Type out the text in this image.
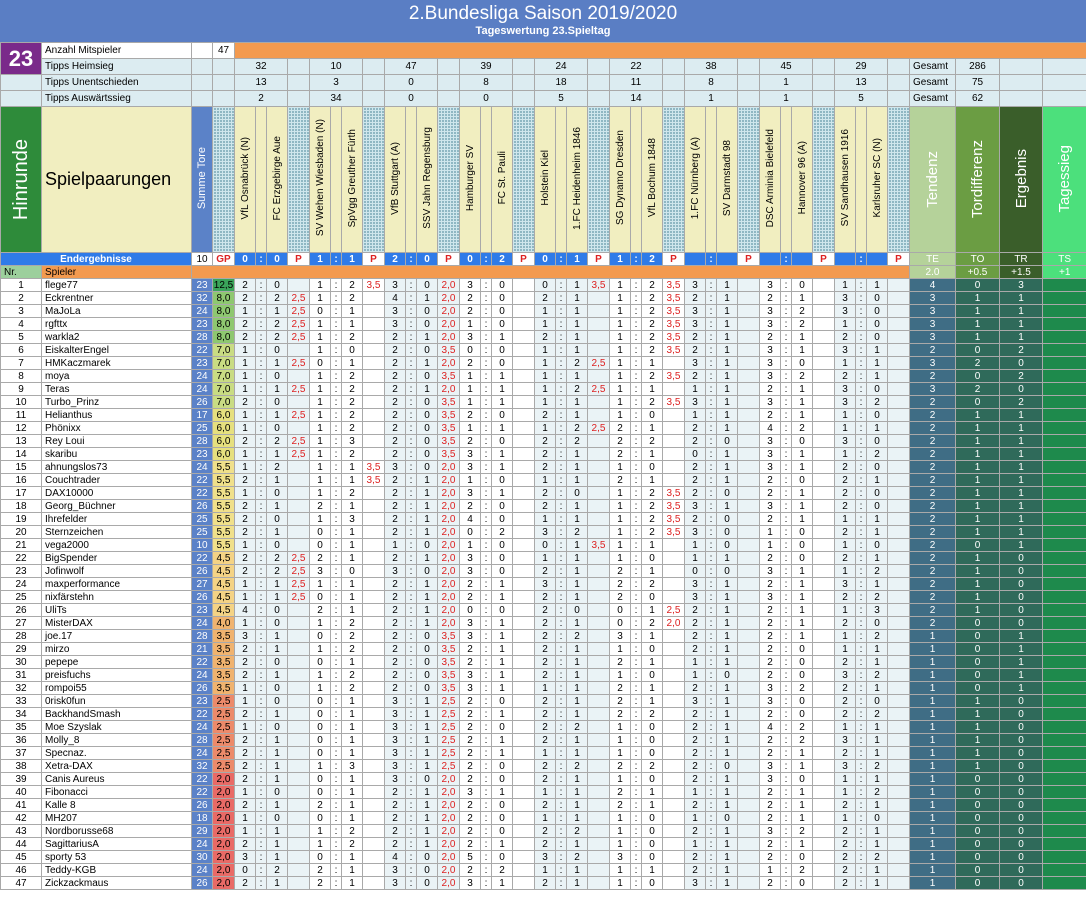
2.Bundesliga Saison 2019/2020
Tageswertung 23.Spieltag
23	Anzahl Mitspieler		47																																								
	Tipps Heimsieg			32				10				47				39				24				22				38				45				29				Gesamt	286		
	Tipps Unentschieden			13				3				0				8				18				11				8				1				13				Gesamt	75		
	Tipps Auswärtssieg			2				34				0				0				5				14				1				1				5				Gesamt	62		
Hinrunde	Spielpaarungen	Summe Tore		VfL Osnabrück (N)		FC Erzgebirge Aue		SV Wehen Wiesbaden (N)		SpVgg Greuther Fürth		VfB Stuttgart (A)		SSV Jahn Regensburg		Hamburger SV		FC St. Pauli		Holstein Kiel		1.FC Heidenheim 1846		SG Dynamo Dresden		VfL Bochum 1848		1.FC Nürnberg (A)		SV Darmstadt 98		DSC Arminia Bielefeld		Hannover 96 (A)		SV Sandhausen 1916		Karlsruher SC (N)		Tendenz	Tordifferenz	Ergebnis	Tagessieg
Endergebnisse		10	GP	0	:	0	P	1	:	1	P	2	:	0	P	0	:	2	P	0	:	1	P	1	:	2	P		:		P		:		P		:		P	TE	TO	TR	TS
Nr.	Spieler																																							2.0	+0.5	+1.5	+1
1	flege77	23	12,5	2	:	0		1	:	2	3,5	3	:	0	2,0	3	:	0		0	:	1	3,5	1	:	2	3,5	3	:	1		3	:	0		1	:	1		4	0	3	
2	Eckrentner	32	8,0	2	:	2	2,5	1	:	2		4	:	1	2,0	2	:	0		2	:	1		1	:	2	3,5	2	:	1		2	:	1		3	:	0		3	1	1	
3	MaJoLa	24	8,0	1	:	1	2,5	0	:	1		3	:	0	2,0	2	:	0		1	:	1		1	:	2	3,5	3	:	1		3	:	2		3	:	0		3	1	1	
4	rgfttx	23	8,0	2	:	2	2,5	1	:	1		3	:	0	2,0	1	:	0		1	:	1		1	:	2	3,5	3	:	1		3	:	2		1	:	0		3	1	1	
5	warkla2	28	8,0	2	:	2	2,5	1	:	2		2	:	1	2,0	3	:	1		2	:	1		1	:	2	3,5	2	:	1		2	:	1		2	:	0		3	1	1	
6	EiskalterEngel	22	7,0	1	:	0		1	:	0		2	:	0	3,5	0	:	0		1	:	1		1	:	2	3,5	2	:	1		3	:	1		3	:	1		2	0	2	
7	HMKaczmarek	23	7,0	1	:	1	2,5	0	:	1		2	:	1	2,0	2	:	0		1	:	2	2,5	1	:	1		3	:	1		3	:	0		1	:	1		3	2	0	
8	moya	24	7,0	1	:	0		1	:	2		2	:	0	3,5	1	:	1		1	:	1		1	:	2	3,5	2	:	1		3	:	2		2	:	1		2	0	2	
9	Teras	24	7,0	1	:	1	2,5	1	:	2		2	:	1	2,0	1	:	1		1	:	2	2,5	1	:	1		1	:	1		2	:	1		3	:	0		3	2	0	
10	Turbo_Prinz	26	7,0	2	:	0		1	:	2		2	:	0	3,5	1	:	1		1	:	1		1	:	2	3,5	3	:	1		3	:	1		3	:	2		2	0	2	
11	Helianthus	17	6,0	1	:	1	2,5	1	:	2		2	:	0	3,5	2	:	0		2	:	1		1	:	0		1	:	1		2	:	1		1	:	0		2	1	1	
12	Phönixx	25	6,0	1	:	0		1	:	2		2	:	0	3,5	1	:	1		1	:	2	2,5	2	:	1		2	:	1		4	:	2		1	:	1		2	1	1	
13	Rey Loui	28	6,0	2	:	2	2,5	1	:	3		2	:	0	3,5	2	:	0		2	:	2		2	:	2		2	:	0		3	:	0		3	:	0		2	1	1	
14	skaribu	23	6,0	1	:	1	2,5	1	:	2		2	:	0	3,5	3	:	1		2	:	1		2	:	1		0	:	1		3	:	1		1	:	2		2	1	1	
15	ahnungslos73	24	5,5	1	:	2		1	:	1	3,5	3	:	0	2,0	3	:	1		2	:	1		1	:	0		2	:	1		3	:	1		2	:	0		2	1	1	
16	Couchtrader	22	5,5	2	:	1		1	:	1	3,5	2	:	1	2,0	1	:	0		1	:	1		2	:	1		2	:	1		2	:	0		2	:	1		2	1	1	
17	DAX10000	22	5,5	1	:	0		1	:	2		2	:	1	2,0	3	:	1		2	:	0		1	:	2	3,5	2	:	0		2	:	1		2	:	0		2	1	1	
18	Georg_Büchner	26	5,5	2	:	1		2	:	1		2	:	1	2,0	2	:	0		2	:	1		1	:	2	3,5	3	:	1		3	:	1		2	:	0		2	1	1	
19	Ihrefelder	25	5,5	2	:	0		1	:	3		2	:	1	2,0	4	:	0		1	:	1		1	:	2	3,5	2	:	0		2	:	1		1	:	1		2	1	1	
20	Sternzeichen	25	5,5	2	:	1		0	:	1		2	:	1	2,0	0	:	2		3	:	2		1	:	2	3,5	3	:	0		1	:	0		2	:	1		2	1	1	
21	vega2000	10	5,5	1	:	0		0	:	1		1	:	0	2,0	1	:	0		0	:	1	3,5	1	:	1		1	:	0		1	:	0		1	:	0		2	0	1	
22	BigSpender	22	4,5	2	:	2	2,5	2	:	1		2	:	1	2,0	3	:	0		1	:	1		1	:	0		1	:	1		2	:	0		2	:	1		2	1	0	
23	Jofinwolf	26	4,5	2	:	2	2,5	3	:	0		3	:	0	2,0	3	:	0		2	:	1		2	:	1		0	:	0		3	:	1		1	:	2		2	1	0	
24	maxperformance	27	4,5	1	:	1	2,5	1	:	1		2	:	1	2,0	2	:	1		3	:	1		2	:	2		3	:	1		2	:	1		3	:	1		2	1	0	
25	nixfärstehn	26	4,5	1	:	1	2,5	0	:	1		2	:	1	2,0	2	:	1		2	:	1		2	:	0		3	:	1		3	:	1		2	:	2		2	1	0	
26	UliTs	23	4,5	4	:	0		2	:	1		2	:	1	2,0	0	:	0		2	:	0		0	:	1	2,5	2	:	1		2	:	1		1	:	3		2	1	0	
27	MisterDAX	24	4,0	1	:	0		1	:	2		2	:	1	2,0	3	:	1		2	:	1		0	:	2	2,0	2	:	1		2	:	1		2	:	0		2	0	0	
28	joe.17	28	3,5	3	:	1		0	:	2		2	:	0	3,5	3	:	1		2	:	2		3	:	1		2	:	1		2	:	1		1	:	2		1	0	1	
29	mirzo	21	3,5	2	:	1		1	:	2		2	:	0	3,5	2	:	1		2	:	1		1	:	0		2	:	1		2	:	0		1	:	1		1	0	1	
30	pepepe	22	3,5	2	:	0		0	:	1		2	:	0	3,5	2	:	1		2	:	1		2	:	1		1	:	1		2	:	0		2	:	1		1	0	1	
31	preisfuchs	24	3,5	2	:	1		1	:	2		2	:	0	3,5	3	:	1		2	:	1		1	:	0		1	:	0		2	:	0		3	:	2		1	0	1	
32	rompoi55	26	3,5	1	:	0		1	:	2		2	:	0	3,5	3	:	1		1	:	1		2	:	1		2	:	1		3	:	2		2	:	1		1	0	1	
33	0risk0fun	23	2,5	1	:	0		0	:	1		3	:	1	2,5	2	:	0		2	:	1		2	:	1		3	:	1		3	:	0		2	:	0		1	1	0	
34	BackhandSmash	22	2,5	2	:	1		0	:	1		3	:	1	2,5	2	:	1		2	:	1		2	:	2		2	:	1		2	:	0		2	:	2		1	1	0	
35	Moe Szyslak	24	2,5	1	:	0		0	:	1		3	:	1	2,5	2	:	0		2	:	2		1	:	0		2	:	1		4	:	2		1	:	1		1	1	0	
36	Molly_8	28	2,5	2	:	1		0	:	1		3	:	1	2,5	2	:	1		2	:	1		1	:	0		2	:	1		2	:	2		3	:	1		1	1	0	
37	Specnaz.	24	2,5	2	:	1		0	:	1		3	:	1	2,5	2	:	1		1	:	1		1	:	0		2	:	1		2	:	1		2	:	1		1	1	0	
38	Xetra-DAX	32	2,5	2	:	1		1	:	3		3	:	1	2,5	2	:	0		2	:	2		2	:	2		2	:	0		3	:	1		3	:	2		1	1	0	
39	Canis Aureus	22	2,0	2	:	1		0	:	1		3	:	0	2,0	2	:	0		2	:	1		1	:	0		2	:	1		3	:	0		1	:	1		1	0	0	
40	Fibonacci	22	2,0	1	:	0		0	:	1		2	:	1	2,0	3	:	1		1	:	1		2	:	1		1	:	1		2	:	1		1	:	2		1	0	0	
41	Kalle 8	26	2,0	2	:	1		2	:	1		2	:	1	2,0	2	:	0		2	:	1		2	:	1		2	:	1		2	:	1		2	:	1		1	0	0	
42	MH207	18	2,0	1	:	0		0	:	1		2	:	1	2,0	2	:	0		1	:	1		1	:	0		1	:	0		2	:	1		1	:	0		1	0	0	
43	Nordborusse68	29	2,0	1	:	1		1	:	2		2	:	1	2,0	2	:	0		2	:	2		1	:	0		2	:	1		3	:	2		2	:	1		1	0	0	
44	SagittariusA	24	2,0	2	:	1		1	:	2		2	:	1	2,0	2	:	1		2	:	1		1	:	0		1	:	1		2	:	1		2	:	1		1	0	0	
45	sporty 53	30	2,0	3	:	1		0	:	1		4	:	0	2,0	5	:	0		3	:	2		3	:	0		2	:	1		2	:	0		2	:	2		1	0	0	
46	Teddy-KGB	24	2,0	0	:	2		2	:	1		3	:	0	2,0	2	:	2		1	:	1		1	:	1		2	:	1		1	:	2		2	:	1		1	0	0	
47	Zickzackmaus	26	2,0	2	:	1		2	:	1		3	:	0	2,0	3	:	1		2	:	1		1	:	0		3	:	1		2	:	0		2	:	1		1	0	0	
